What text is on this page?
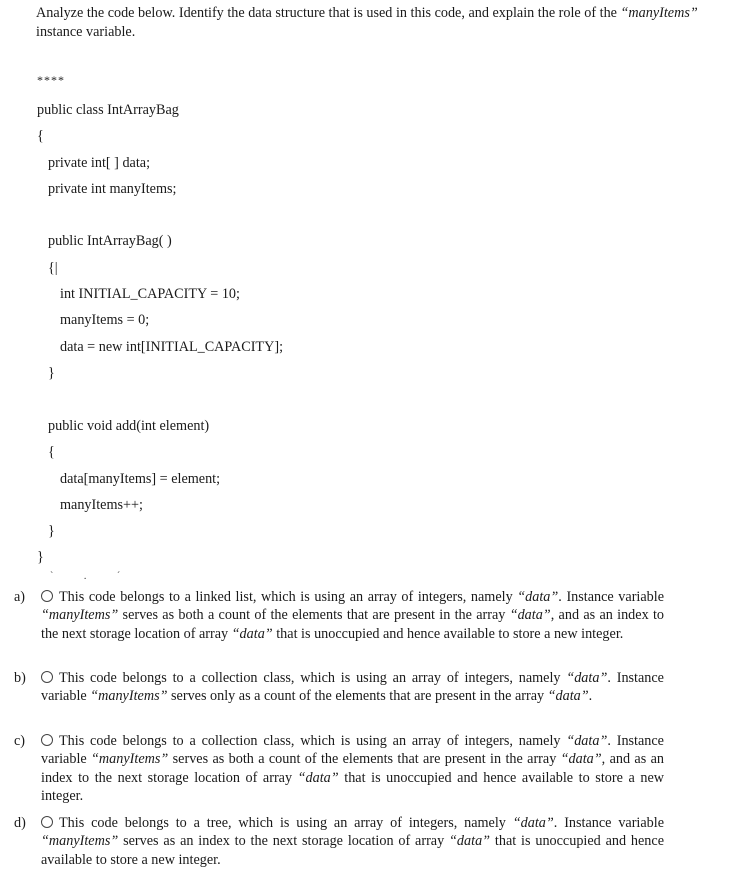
Analyze the code below. Identify the data structure that is used in this code, and explain the role of the “manyItems” instance variable.
****
public class IntArrayBag
{
private int[ ] data;
private int manyItems;
public IntArrayBag( )
{|
int INITIAL_CAPACITY = 10;
manyItems = 0;
data = new int[INITIAL_CAPACITY];
}
public void add(int element)
{
data[manyItems] = element;
manyItems++;
}
}
` . ´
a)	This code belongs to a linked list, which is using an array of integers, namely “data”. Instance variable “manyItems” serves as both a count of the elements that are present in the array “data”, and as an index to the next storage location of array “data” that is unoccupied and hence available to store a new integer.
b)	This code belongs to a collection class, which is using an array of integers, namely “data”. Instance variable “manyItems” serves only as a count of the elements that are present in the array “data”.
c)	This code belongs to a collection class, which is using an array of integers, namely “data”. Instance variable “manyItems” serves as both a count of the elements that are present in the array “data”, and as an index to the next storage location of array “data” that is unoccupied and hence available to store a new integer.
d)	This code belongs to a tree, which is using an array of integers, namely “data”. Instance variable “manyItems” serves as an index to the next storage location of array “data” that is unoccupied and hence available to store a new integer.
